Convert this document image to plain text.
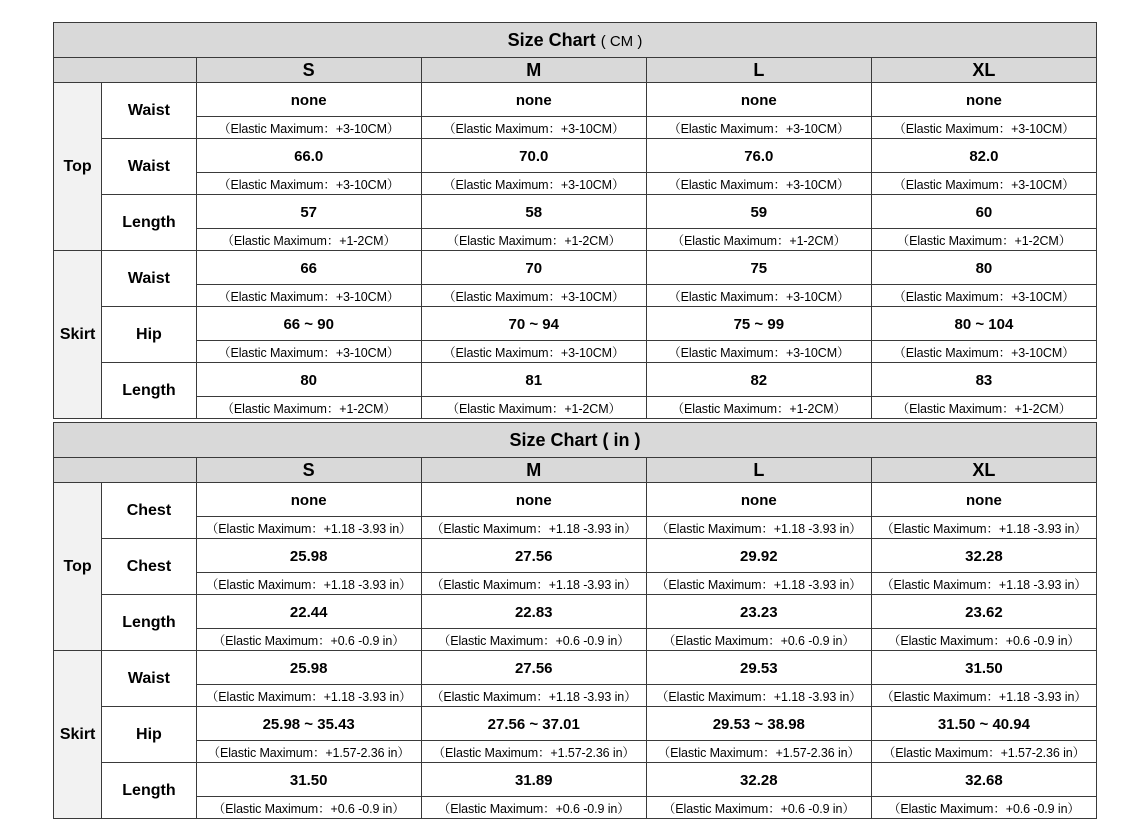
Size Chart ( CM )					
		S	M	L	XL
Top	Waist	none	none	none	none
		（Elastic Maximum：+3-10CM）	（Elastic Maximum：+3-10CM）	（Elastic Maximum：+3-10CM）	（Elastic Maximum：+3-10CM）
	Waist	66.0	70.0	76.0	82.0
		（Elastic Maximum：+3-10CM）	（Elastic Maximum：+3-10CM）	（Elastic Maximum：+3-10CM）	（Elastic Maximum：+3-10CM）
	Length	57	58	59	60
		（Elastic Maximum：+1-2CM）	（Elastic Maximum：+1-2CM）	（Elastic Maximum：+1-2CM）	（Elastic Maximum：+1-2CM）
Skirt	Waist	66	70	75	80
		（Elastic Maximum：+3-10CM）	（Elastic Maximum：+3-10CM）	（Elastic Maximum：+3-10CM）	（Elastic Maximum：+3-10CM）
	Hip	66 ~ 90	70 ~ 94	75 ~ 99	80 ~ 104
		（Elastic Maximum：+3-10CM）	（Elastic Maximum：+3-10CM）	（Elastic Maximum：+3-10CM）	（Elastic Maximum：+3-10CM）
	Length	80	81	82	83
		（Elastic Maximum：+1-2CM）	（Elastic Maximum：+1-2CM）	（Elastic Maximum：+1-2CM）	（Elastic Maximum：+1-2CM）
Size Chart ( in )					
		S	M	L	XL
Top	Chest	none	none	none	none
		（Elastic Maximum：+1.18 -3.93 in）	（Elastic Maximum：+1.18 -3.93 in）	（Elastic Maximum：+1.18 -3.93 in）	（Elastic Maximum：+1.18 -3.93 in）
	Chest	25.98	27.56	29.92	32.28
		（Elastic Maximum：+1.18 -3.93 in）	（Elastic Maximum：+1.18 -3.93 in）	（Elastic Maximum：+1.18 -3.93 in）	（Elastic Maximum：+1.18 -3.93 in）
	Length	22.44	22.83	23.23	23.62
		（Elastic Maximum：+0.6 -0.9 in）	（Elastic Maximum：+0.6 -0.9 in）	（Elastic Maximum：+0.6 -0.9 in）	（Elastic Maximum：+0.6 -0.9 in）
Skirt	Waist	25.98	27.56	29.53	31.50
		（Elastic Maximum：+1.18 -3.93 in）	（Elastic Maximum：+1.18 -3.93 in）	（Elastic Maximum：+1.18 -3.93 in）	（Elastic Maximum：+1.18 -3.93 in）
	Hip	25.98 ~ 35.43	27.56 ~ 37.01	29.53 ~ 38.98	31.50 ~ 40.94
		（Elastic Maximum：+1.57-2.36 in）	（Elastic Maximum：+1.57-2.36 in）	（Elastic Maximum：+1.57-2.36 in）	（Elastic Maximum：+1.57-2.36 in）
	Length	31.50	31.89	32.28	32.68
		（Elastic Maximum：+0.6 -0.9 in）	（Elastic Maximum：+0.6 -0.9 in）	（Elastic Maximum：+0.6 -0.9 in）	（Elastic Maximum：+0.6 -0.9 in）
